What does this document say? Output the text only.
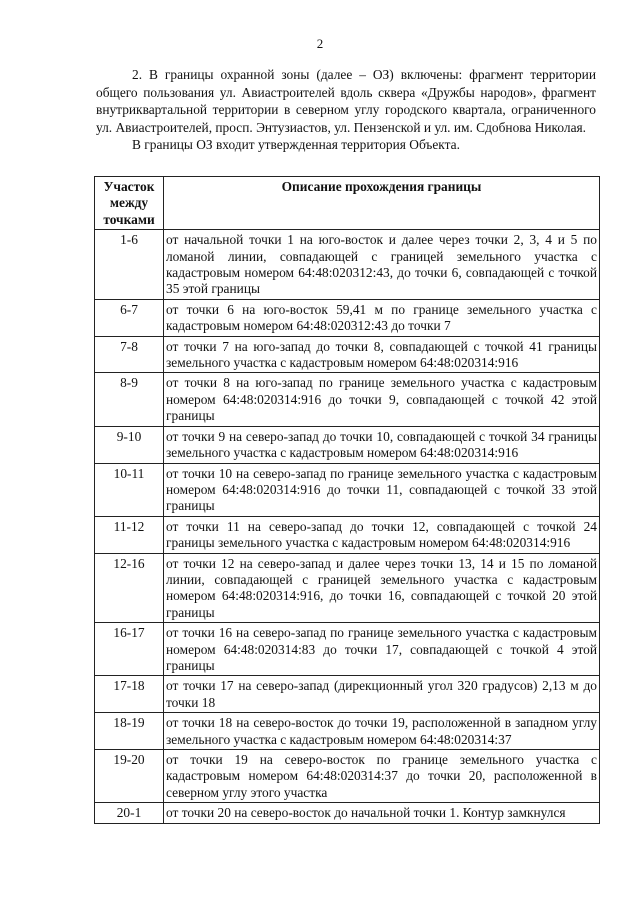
2

2. В границы охранной зоны (далее – ОЗ) включены: фрагмент территории общего пользования ул. Авиастроителей вдоль сквера «Дружбы народов», фрагмент внутриквартальной территории в северном углу городского квартала, ограниченного ул. Авиастроителей, просп. Энтузиастов, ул. Пензенской и ул. им. Сдобнова Николая.

В границы ОЗ входит утвержденная территория Объекта.

Участок между точками	Описание прохождения границы
1-6	от начальной точки 1 на юго-восток и далее через точки 2, 3, 4 и 5 по ломаной линии, совпадающей с границей земельного участка с кадастровым номером 64:48:020312:43, до точки 6, совпадающей с точкой 35 этой границы
6-7	от точки 6 на юго-восток 59,41 м по границе земельного участка с кадастровым номером 64:48:020312:43 до точки 7
7-8	от точки 7 на юго-запад до точки 8, совпадающей с точкой 41 границы земельного участка с кадастровым номером 64:48:020314:916
8-9	от точки 8 на юго-запад по границе земельного участка с кадастровым номером 64:48:020314:916 до точки 9, совпадающей с точкой 42 этой границы
9-10	от точки 9 на северо-запад до точки 10, совпадающей с точкой 34 границы земельного участка с кадастровым номером 64:48:020314:916
10-11	от точки 10 на северо-запад по границе земельного участка с кадастровым номером 64:48:020314:916 до точки 11, совпадающей с точкой 33 этой границы
11-12	от точки 11 на северо-запад до точки 12, совпадающей с точкой 24 границы земельного участка с кадастровым номером 64:48:020314:916
12-16	от точки 12 на северо-запад и далее через точки 13, 14 и 15 по ломаной линии, совпадающей с границей земельного участка с кадастровым номером 64:48:020314:916, до точки 16, совпадающей с точкой 20 этой границы
16-17	от точки 16 на северо-запад по границе земельного участка с кадастровым номером 64:48:020314:83 до точки 17, совпадающей с точкой 4 этой границы
17-18	от точки 17 на северо-запад (дирекционный угол 320 градусов) 2,13 м до точки 18
18-19	от точки 18 на северо-восток до точки 19, расположенной в западном углу земельного участка с кадастровым номером 64:48:020314:37
19-20	от точки 19 на северо-восток по границе земельного участка с кадастровым номером 64:48:020314:37 до точки 20, расположенной в северном углу этого участка
20-1	от точки 20 на северо-восток до начальной точки 1. Контур замкнулся
